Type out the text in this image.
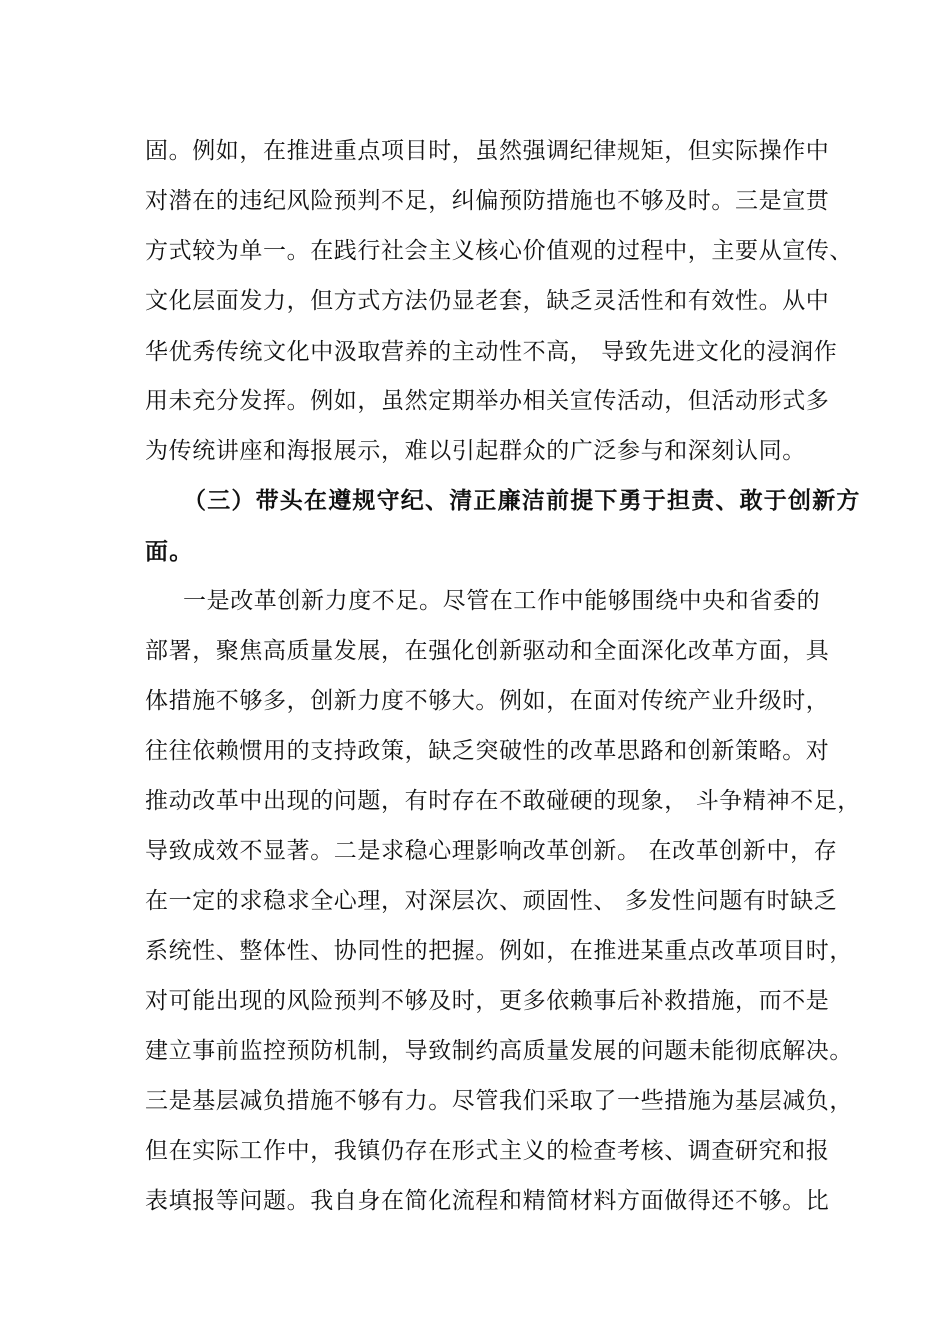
固。例如，在推进重点项目时，虽然强调纪律规矩，但实际操作中
对潜在的违纪风险预判不足，纠偏预防措施也不够及时。三是宣贯
方式较为单一。在践行社会主义核心价值观的过程中，主要从宣传、
文化层面发力，但方式方法仍显老套，缺乏灵活性和有效性。从中
华优秀传统文化中汲取营养的主动性不高， 导致先进文化的浸润作
用未充分发挥。例如，虽然定期举办相关宣传活动，但活动形式多
为传统讲座和海报展示，难以引起群众的广泛参与和深刻认同。
（三）带头在遵规守纪、清正廉洁前提下勇于担责、敢于创新方
面。
一是改革创新力度不足。尽管在工作中能够围绕中央和省委的
部署，聚焦高质量发展，在强化创新驱动和全面深化改革方面，具
体措施不够多，创新力度不够大。例如，在面对传统产业升级时，
往往依赖惯用的支持政策，缺乏突破性的改革思路和创新策略。对
推动改革中出现的问题，有时存在不敢碰硬的现象， 斗争精神不足，
导致成效不显著。二是求稳心理影响改革创新。 在改革创新中，存
在一定的求稳求全心理，对深层次、顽固性、 多发性问题有时缺乏
系统性、整体性、协同性的把握。例如，在推进某重点改革项目时，
对可能出现的风险预判不够及时，更多依赖事后补救措施，而不是
建立事前监控预防机制，导致制约高质量发展的问题未能彻底解决。
三是基层减负措施不够有力。尽管我们采取了一些措施为基层减负，
但在实际工作中，我镇仍存在形式主义的检查考核、调查研究和报
表填报等问题。我自身在简化流程和精简材料方面做得还不够。比
